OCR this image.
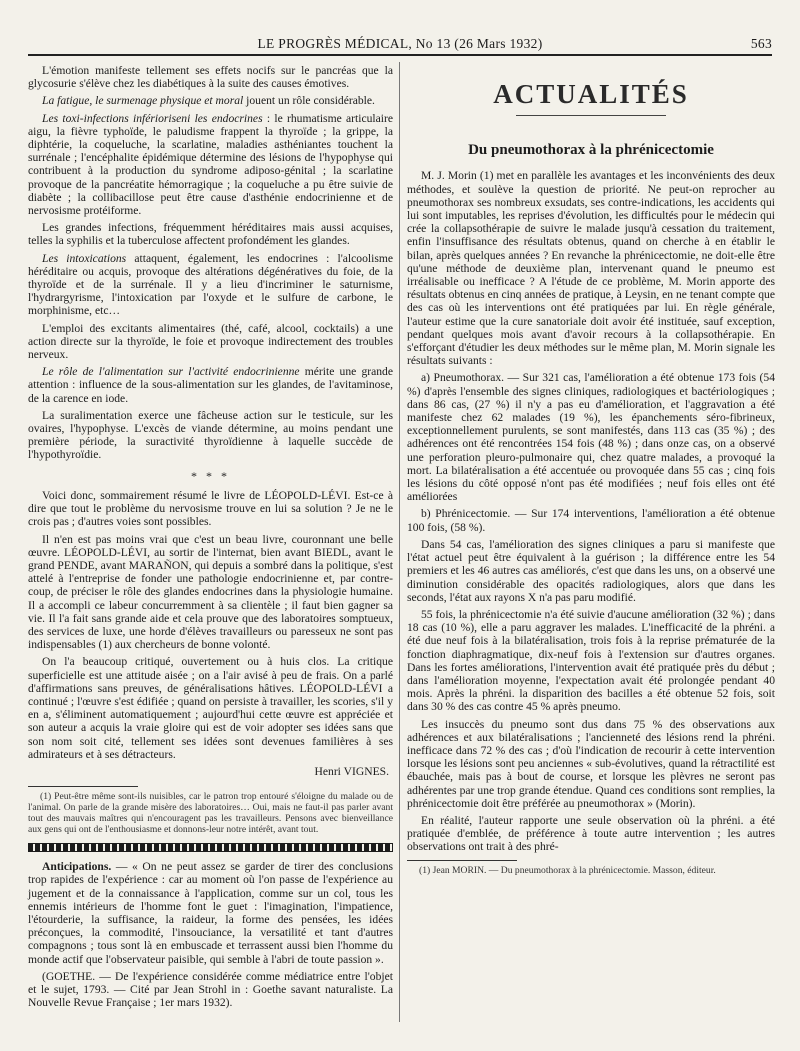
LE PROGRÈS MÉDICAL, No 13 (26 Mars 1932)	563

L'émotion manifeste tellement ses effets nocifs sur le pancréas que la glycosurie s'élève chez les diabétiques à la suite des causes émotives.

La fatigue, le surmenage physique et moral jouent un rôle considérable.

Les toxi-infections inférioriseni les endocrines : le rhumatisme articulaire aigu, la fièvre typhoïde, le paludisme frappent la thyroïde ; la grippe, la diphtérie, la coqueluche, la scarlatine, maladies asthéniantes touchent la surrénale ; l'encéphalite épidémique détermine des lésions de l'hypophyse qui contribuent à la production du syndrome adiposo-génital ; la scarlatine provoque de la pancréatite hémorragique ; la coqueluche a pu être suivie de diabète ; la collibacillose peut être cause d'asthénie endocrinienne et de nervosisme protéiforme.

Les grandes infections, fréquemment héréditaires mais aussi acquises, telles la syphilis et la tuberculose affectent profondément les glandes.

Les intoxications attaquent, également, les endocrines : l'alcoolisme héréditaire ou acquis, provoque des altérations dégénératives du foie, de la thyroïde et de la surrénale. Il y a lieu d'incriminer le saturnisme, l'hydrargyrisme, l'intoxication par l'oxyde et le sulfure de carbone, le morphinisme, etc…

L'emploi des excitants alimentaires (thé, café, alcool, cocktails) a une action directe sur la thyroïde, le foie et provoque indirectement des troubles nerveux.

Le rôle de l'alimentation sur l'activité endocrinienne mérite une grande attention : influence de la sous-alimentation sur les glandes, de l'avitaminose, de la carence en iode.

La suralimentation exerce une fâcheuse action sur le testicule, sur les ovaires, l'hypophyse. L'excès de viande détermine, au moins pendant une première période, la suractivité thyroïdienne à laquelle succède de l'hypothyroïdie.

* * *

Voici donc, sommairement résumé le livre de LÉOPOLD-LÉVI. Est-ce à dire que tout le problème du nervosisme trouve en lui sa solution ? Je ne le crois pas ; d'autres voies sont possibles.

Il n'en est pas moins vrai que c'est un beau livre, couronnant une belle œuvre. LÉOPOLD-LÉVI, au sortir de l'internat, bien avant BIEDL, avant le grand PENDE, avant MARAÑON, qui depuis a sombré dans la politique, s'est attelé à l'entreprise de fonder une pathologie endocrinienne et, par contre-coup, de préciser le rôle des glandes endocrines dans la physiologie humaine. Il a accompli ce labeur concurremment à sa clientèle ; il faut bien gagner sa vie. Il l'a fait sans grande aide et cela prouve que des laboratoires somptueux, des services de luxe, une horde d'élèves travailleurs ou paresseux ne sont pas indispensables (1) aux chercheurs de bonne volonté.

On l'a beaucoup critiqué, ouvertement ou à huis clos. La critique superficielle est une attitude aisée ; on a l'air avisé à peu de frais. On a parlé d'affirmations sans preuves, de généralisations hâtives. LÉOPOLD-LÉVI a continué ; l'œuvre s'est édifiée ; quand on persiste à travailler, les scories, s'il y en a, s'éliminent automatiquement ; aujourd'hui cette œuvre est appréciée et son auteur a acquis la vraie gloire qui est de voir adopter ses idées sans que son nom soit cité, tellement ses idées sont devenues familières à ses admirateurs et à ses détracteurs.

Henri VIGNES.
(1) Peut-être même sont-ils nuisibles, car le patron trop entouré s'éloigne du malade ou de l'animal. On parle de la grande misère des laboratoires… Oui, mais ne faut-il pas parler avant tout des mauvais maîtres qui n'encouragent pas les travailleurs. Pensons avec bienveillance aux gens qui ont de l'enthousiasme et donnons-leur notre intérêt, avant tout.

Anticipations. — « On ne peut assez se garder de tirer des conclusions trop rapides de l'expérience : car au moment où l'on passe de l'expérience au jugement et de la connaissance à l'application, comme sur un col, tous les ennemis intérieurs de l'homme font le guet : l'imagination, l'impatience, l'étourderie, la suffisance, la raideur, la forme des pensées, les idées préconçues, la commodité, l'insouciance, la versatilité et tant d'autres compagnons ; tous sont là en embuscade et terrassent aussi bien l'homme du monde actif que l'observateur paisible, qui semble à l'abri de toute passion ».

(GOETHE. — De l'expérience considérée comme médiatrice entre l'objet et le sujet, 1793. — Cité par Jean Strohl in : Goethe savant naturaliste. La Nouvelle Revue Française ; 1er mars 1932).

ACTUALITÉS
Du pneumothorax à la phrénicectomie

M. J. Morin (1) met en parallèle les avantages et les inconvénients des deux méthodes, et soulève la question de priorité. Ne peut-on reprocher au pneumothorax ses nombreux exsudats, ses contre-indications, les accidents qui lui sont imputables, les reprises d'évolution, les difficultés pour le médecin qui crée la collapsothérapie de suivre le malade jusqu'à cessation du traitement, enfin l'insuffisance des résultats obtenus, quand on cherche à en établir le bilan, après quelques années ? En revanche la phrénicectomie, ne doit-elle être qu'une méthode de deuxième plan, intervenant quand le pneumo est irréalisable ou inefficace ? A l'étude de ce problème, M. Morin apporte des résultats obtenus en cinq années de pratique, à Leysin, en ne tenant compte que des cas où les interventions ont été pratiquées par lui. En règle générale, l'auteur estime que la cure sanatoriale doit avoir été instituée, sauf exception, pendant quelques mois avant d'avoir recours à la collapsothérapie. En s'efforçant d'étudier les deux méthodes sur le même plan, M. Morin signale les résultats suivants :

a) Pneumothorax. — Sur 321 cas, l'amélioration a été obtenue 173 fois (54 %) d'après l'ensemble des signes cliniques, radiologiques et bactériologiques ; dans 86 cas, (27 %) il n'y a pas eu d'amélioration, et l'aggravation a été manifeste chez 62 malades (19 %), les épanchements séro-fibrineux, exceptionnellement purulents, se sont manifestés, dans 113 cas (35 %) ; des adhérences ont été rencontrées 154 fois (48 %) ; dans onze cas, on a observé une perforation pleuro-pulmonaire qui, chez quatre malades, a provoqué la mort. La bilatéralisation a été accentuée ou provoquée dans 55 cas ; cinq fois les lésions du côté opposé n'ont pas été modifiées ; neuf fois elles ont été améliorées

b) Phrénicectomie. — Sur 174 interventions, l'amélioration a été obtenue 100 fois, (58 %).

Dans 54 cas, l'amélioration des signes cliniques a paru si manifeste que l'état actuel peut être équivalent à la guérison ; la différence entre les 54 premiers et les 46 autres cas améliorés, c'est que dans les uns, on a observé une diminution considérable des opacités radiologiques, alors que dans les seconds, l'état aux rayons X n'a pas paru modifié.

55 fois, la phrénicectomie n'a été suivie d'aucune amélioration (32 %) ; dans 18 cas (10 %), elle a paru aggraver les malades. L'inefficacité de la phréni. a été due neuf fois à la bilatéralisation, trois fois à la reprise prématurée de la fonction diaphragmatique, dix-neuf fois à l'extension sur d'autres organes. Dans les fortes améliorations, l'intervention avait été pratiquée près du début ; dans l'amélioration moyenne, l'expectation avait été prolongée pendant 40 mois. Après la phréni. la disparition des bacilles a été obtenue 52 fois, soit dans 30 % des cas contre 45 % après pneumo.

Les insuccès du pneumo sont dus dans 75 % des observations aux adhérences et aux bilatéralisations ; l'ancienneté des lésions rend la phréni. inefficace dans 72 % des cas ; d'où l'indication de recourir à cette intervention lorsque les lésions sont peu anciennes « sub-évolutives, quand la rétractilité est ébauchée, mais pas à bout de course, et lorsque les plèvres ne seront pas adhérentes par une trop grande étendue. Quand ces conditions sont remplies, la phrénicectomie doit être préférée au pneumothorax » (Morin).

En réalité, l'auteur rapporte une seule observation où la phréni. a été pratiquée d'emblée, de préférence à toute autre intervention ; les autres observations ont trait à des phré-

(1) Jean MORIN. — Du pneumothorax à la phrénicectomie. Masson, éditeur.
